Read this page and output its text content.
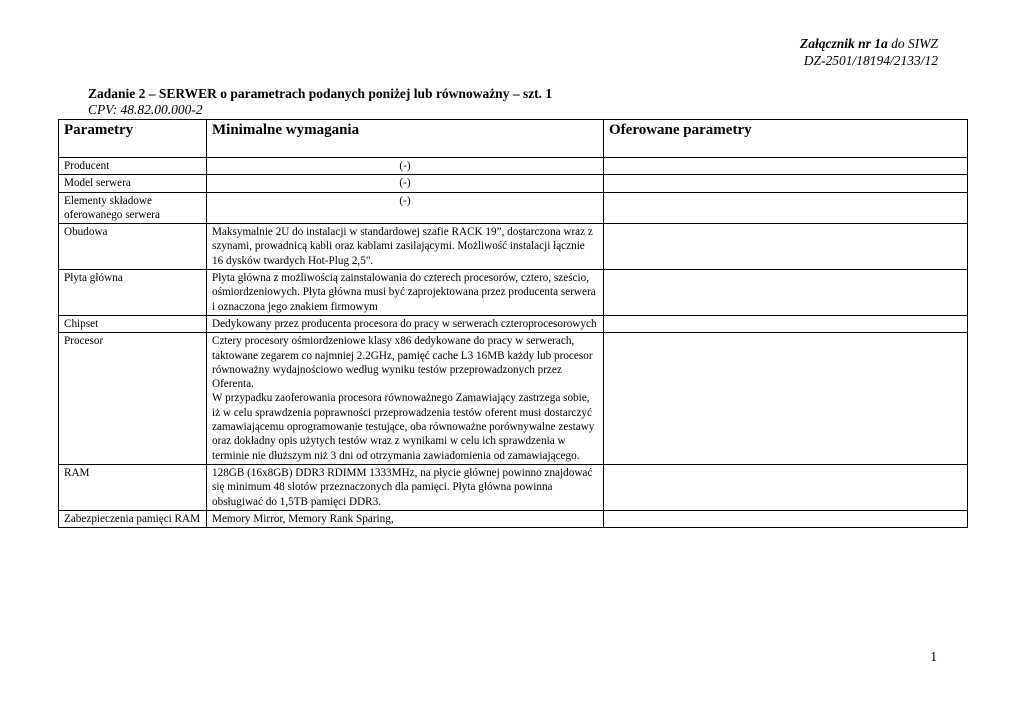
Załącznik nr 1a do SIWZ
DZ-2501/18194/2133/12
Zadanie 2 – SERWER o parametrach podanych poniżej lub równoważny – szt. 1
CPV: 48.82.00.000-2
Parametry	Minimalne wymagania	Oferowane parametry
Producent	(-)	
Model serwera	(-)	
Elementy składowe oferowanego serwera	(-)	
Obudowa	Maksymalnie 2U do instalacji w standardowej szafie RACK 19”, dostarczona wraz z szynami, prowadnicą kabli oraz kablami zasilającymi. Możliwość instalacji łącznie 16 dysków twardych Hot-Plug 2,5".	
Płyta główna	Płyta główna z możliwością zainstalowania do czterech procesorów, cztero, sześcio, ośmiordzeniowych. Płyta główna musi być zaprojektowana przez producenta serwera i oznaczona jego znakiem firmowym	
Chipset	Dedykowany przez producenta procesora do pracy w serwerach czteroprocesorowych	
Procesor	Cztery procesory ośmiordzeniowe klasy x86 dedykowane do pracy w serwerach, taktowane zegarem co najmniej 2.2GHz, pamięć cache L3 16MB każdy lub procesor równoważny wydajnościowo według wyniku testów przeprowadzonych przez Oferenta.
W przypadku zaoferowania procesora równoważnego Zamawiający zastrzega sobie, iż w celu sprawdzenia poprawności przeprowadzenia testów oferent musi dostarczyć zamawiającemu oprogramowanie testujące, oba równoważne porównywalne zestawy oraz dokładny opis użytych testów wraz z wynikami w celu ich sprawdzenia w terminie nie dłuższym niż 3 dni od otrzymania zawiadomienia od zamawiającego.	

RAM	128GB (16x8GB) DDR3 RDIMM 1333MHz, na płycie głównej powinno znajdować się minimum 48 slotów przeznaczonych dla pamięci. Płyta główna powinna obsługiwać do 1,5TB pamięci DDR3.	
Zabezpieczenia pamięci RAM	Memory Mirror, Memory Rank Sparing,	
1
